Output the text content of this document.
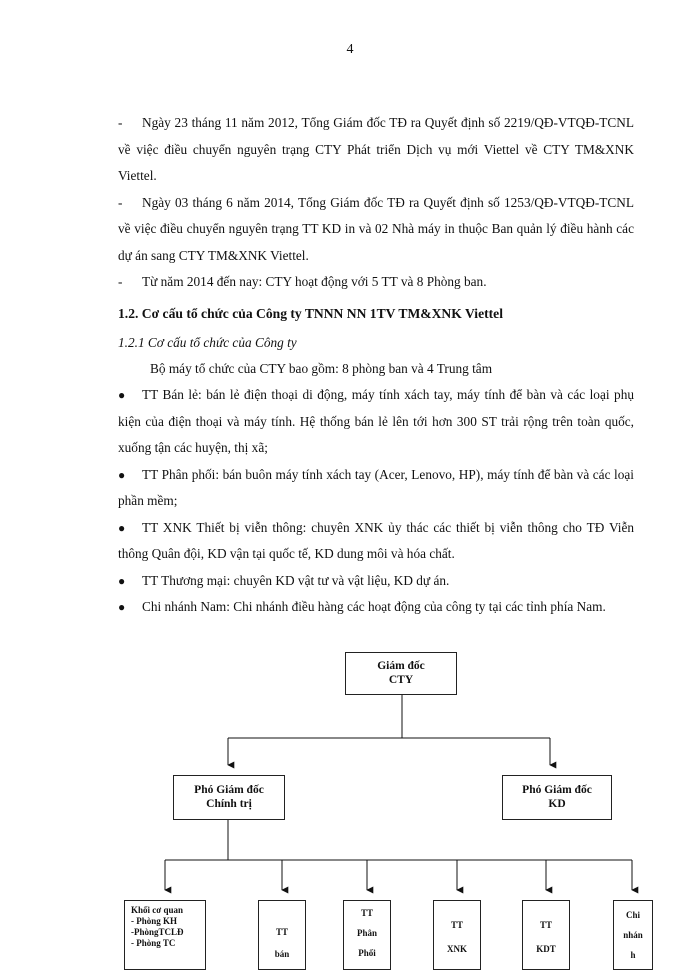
4

- Ngày 23 tháng 11 năm 2012, Tổng Giám đốc TĐ ra Quyết định số 2219/QĐ-VTQĐ-TCNL về việc điều chuyển nguyên trạng CTY Phát triển Dịch vụ mới Viettel về CTY TM&XNK Viettel.

- Ngày 03 tháng 6 năm 2014, Tổng Giám đốc TĐ ra Quyết định số 1253/QĐ-VTQĐ-TCNL về việc điều chuyển nguyên trạng TT KD in và 02 Nhà máy in thuộc Ban quản lý điều hành các dự án sang CTY TM&XNK Viettel.

- Từ năm 2014 đến nay: CTY hoạt động với 5 TT và 8 Phòng ban.

1.2. Cơ cấu tổ chức của Công ty TNNN NN 1TV TM&XNK Viettel

1.2.1 Cơ cấu tổ chức của Công ty

Bộ máy tổ chức của CTY bao gồm: 8 phòng ban và 4 Trung tâm

● TT Bán lẻ: bán lẻ điện thoại di động, máy tính xách tay, máy tính để bàn và các loại phụ kiện của điện thoại và máy tính. Hệ thống bán lẻ lên tới hơn 300 ST trải rộng trên toàn quốc, xuống tận các huyện, thị xã;

● TT Phân phối: bán buôn máy tính xách tay (Acer, Lenovo, HP), máy tính để bàn và các loại phần mềm;

● TT XNK Thiết bị viễn thông: chuyên XNK ủy thác các thiết bị viễn thông cho TĐ Viễn thông Quân đội, KD vận tại quốc tế, KD dung môi và hóa chất.

● TT Thương mại: chuyên KD vật tư và vật liệu, KD dự án.

● Chi nhánh Nam: Chi nhánh điều hàng các hoạt động của công ty tại các tỉnh phía Nam.

Giám đốc
CTY
Phó Giám đốc
Chính trị
Phó Giám đốc
KD
Khối cơ quan
- Phòng KH
-PhòngTCLĐ
- Phòng TC
TT
bán
TT
Phân
Phối
TT
XNK
TT
KDT
Chi
nhán
h
